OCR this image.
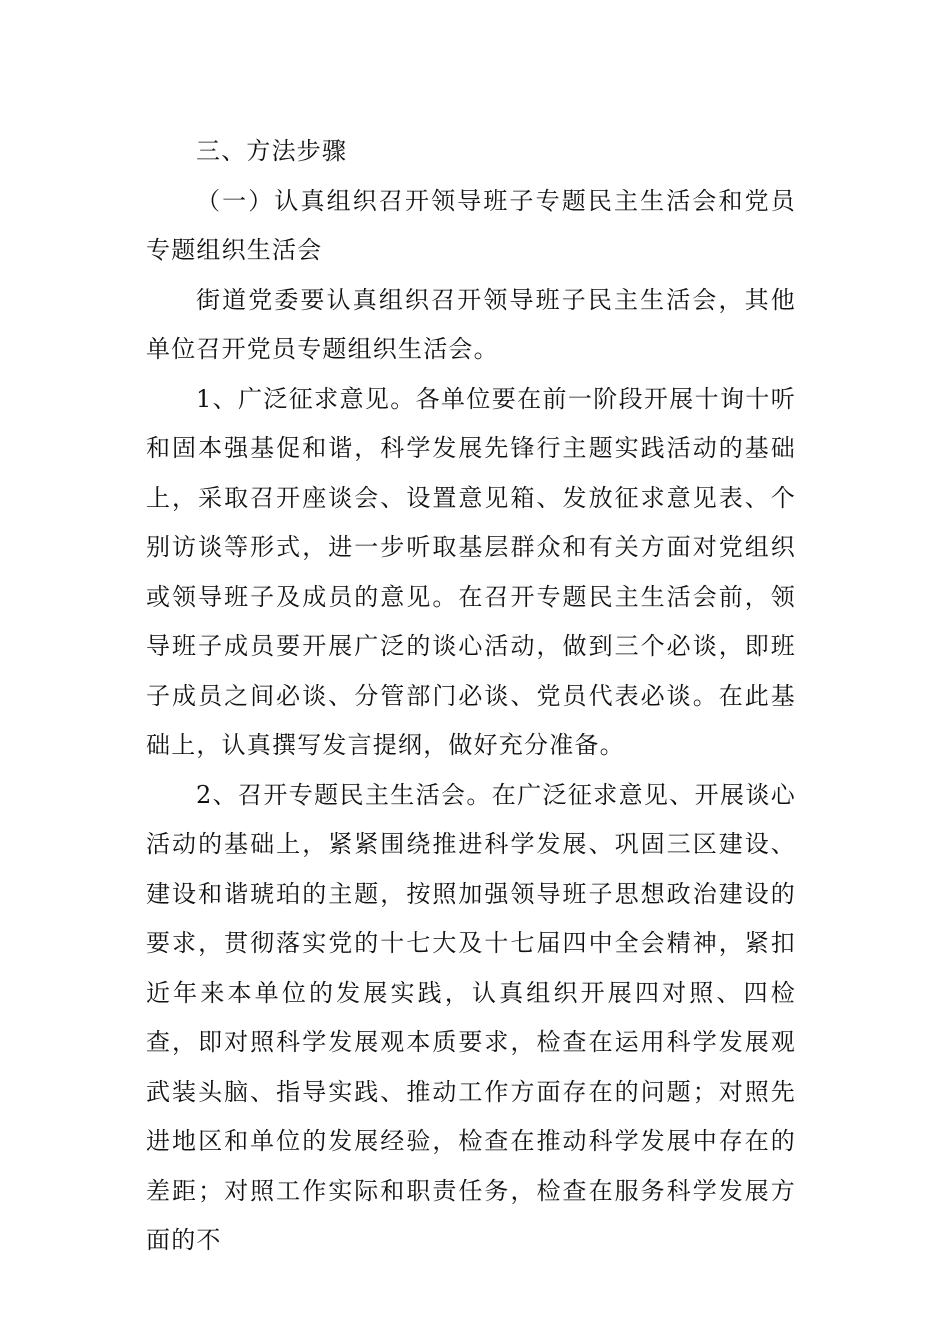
三、方法步骤

（一）认真组织召开领导班子专题民主生活会和党员专题组织生活会

街道党委要认真组织召开领导班子民主生活会，其他单位召开党员专题组织生活会。

1、广泛征求意见。各单位要在前一阶段开展十询十听和固本强基促和谐，科学发展先锋行主题实践活动的基础上，采取召开座谈会、设置意见箱、发放征求意见表、个别访谈等形式，进一步听取基层群众和有关方面对党组织或领导班子及成员的意见。在召开专题民主生活会前，领导班子成员要开展广泛的谈心活动，做到三个必谈，即班子成员之间必谈、分管部门必谈、党员代表必谈。在此基础上，认真撰写发言提纲，做好充分准备。

2、召开专题民主生活会。在广泛征求意见、开展谈心活动的基础上，紧紧围绕推进科学发展、巩固三区建设、建设和谐琥珀的主题，按照加强领导班子思想政治建设的要求，贯彻落实党的十七大及十七届四中全会精神，紧扣近年来本单位的发展实践，认真组织开展四对照、四检查，即对照科学发展观本质要求，检查在运用科学发展观武装头脑、指导实践、推动工作方面存在的问题；对照先进地区和单位的发展经验，检查在推动科学发展中存在的差距；对照工作实际和职责任务，检查在服务科学发展方面的不
